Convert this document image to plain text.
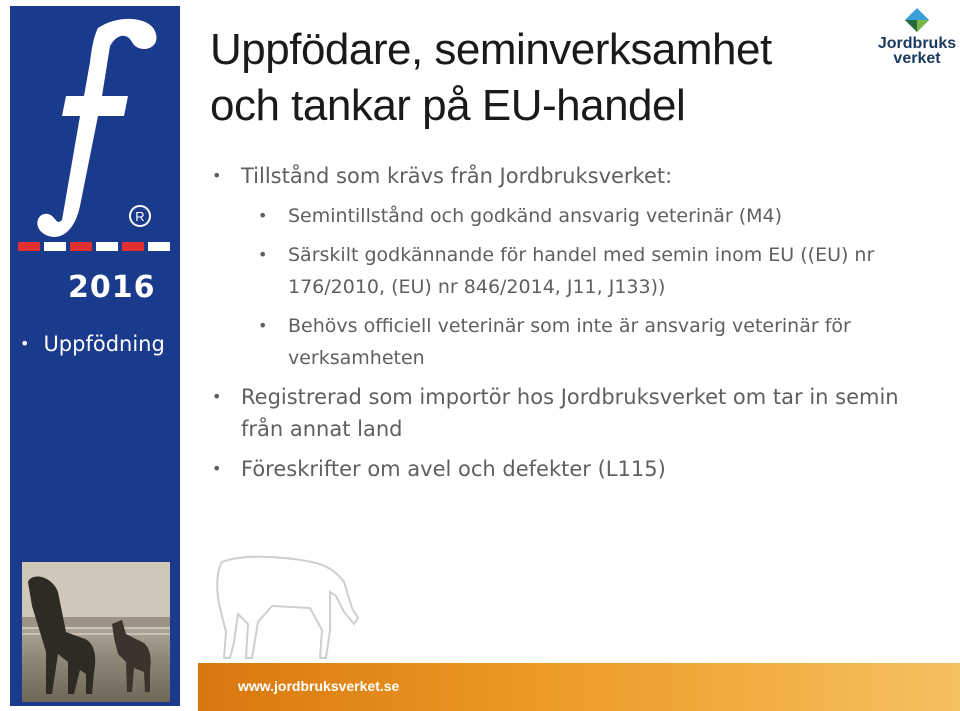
R
2016
• Uppfödning
Jordbruks
verket
Uppfödare, seminverksamhet
och tankar på EU-handel
• Tillstånd som krävs från Jordbruksverket:
• Semintillstånd och godkänd ansvarig veterinär (M4)
• Särskilt godkännande för handel med semin inom EU ((EU) nr 176/2010, (EU) nr 846/2014, J11, J133))
• Behövs officiell veterinär som inte är ansvarig veterinär för verksamheten
• Registrerad som importör hos Jordbruksverket om tar in semin från annat land
• Föreskrifter om avel och defekter (L115)
www.jordbruksverket.se
